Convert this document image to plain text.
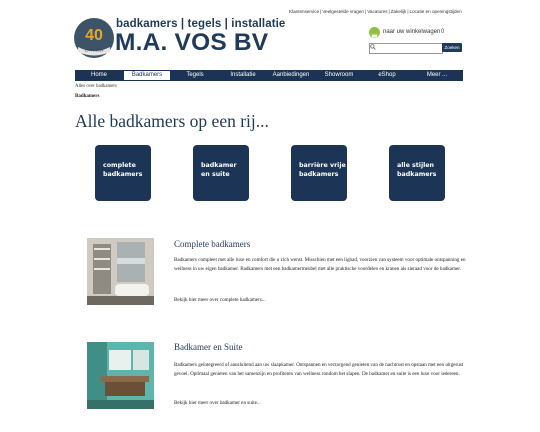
40
1974 | 2014
badkamers | tegels | installatie
M.A. VOS BV
Klantenservice|Veelgestelde vragen|Vacatures|Zakelijk|Locatie en openingstijden
naar uw winkelwagen 0
Zoeken
Home	Badkamers	Tegels	Installatie	Aanbiedingen	Showroom	eShop	Meer ...
Alles over badkamers
Badkamers
Alle badkamers op een rij...
complete
badkamers
badkamer
en suite
barrière vrije
badkamers
alle stijlen
badkamers
Complete badkamers
Badkamers compleet met alle luxe en comfort die u zich wenst. Misschien met een ligbad, voorzien van systeem voor optimale ontspanning en wellness in uw eigen badkamer. Badkamers met een badkamermeubel met alle praktische voordelen en kranen als sieraad voor de badkamer.
Bekijk hier meer over complete badkamers...
Badkamer en Suite
Badkamers geïntegreerd of aansluitend aan uw slaapkamer. Ontspannen en verzorgend genieten van de nachtrust en opstaan met een uitgerust gevoel. Optimaal genieten van het samenzijn en profiteren van wellness rondom het slapen. De badkamer en suite is een luxe voor iedereen.
Bekijk hier meer over badkamer en suite...
